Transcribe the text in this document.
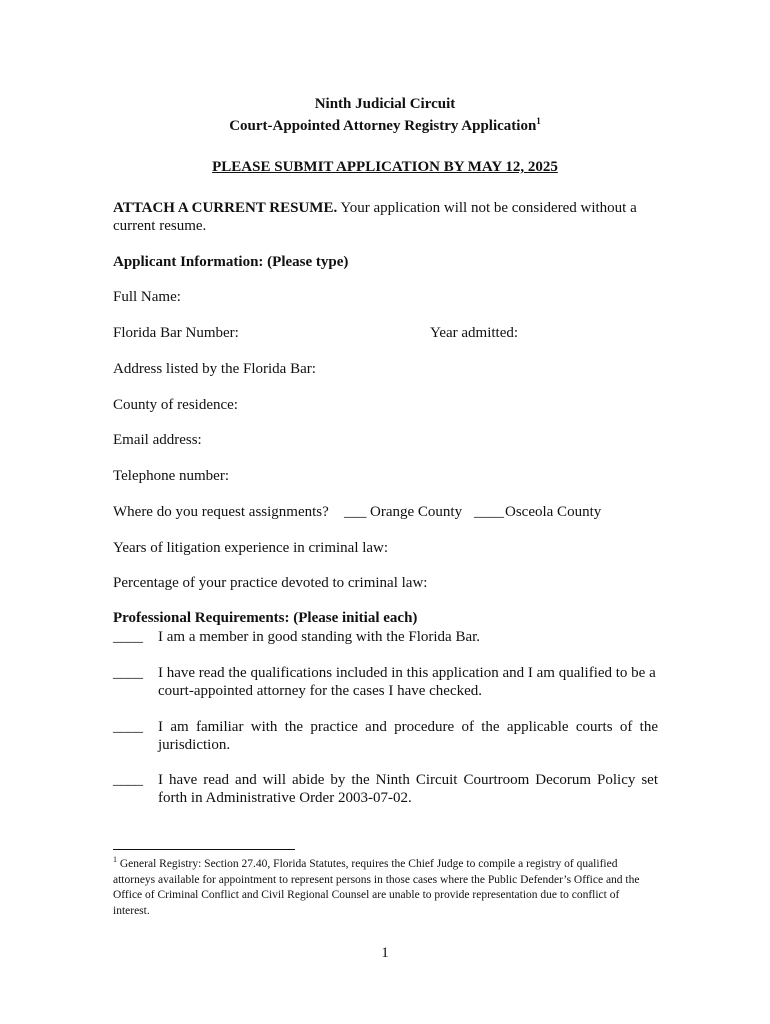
Ninth Judicial Circuit
Court-Appointed Attorney Registry Application$^1$
PLEASE SUBMIT APPLICATION BY MAY 12, 2025
ATTACH A CURRENT RESUME. Your application will not be considered without a current resume.
Applicant Information: (Please type)
Full Name:
Florida Bar Number:	Year admitted:
Address listed by the Florida Bar:
County of residence:
Email address:
Telephone number:
Where do you request assignments? ___ Orange County ____ Osceola County
Years of litigation experience in criminal law:
Percentage of your practice devoted to criminal law:
Professional Requirements: (Please initial each)
____ I am a member in good standing with the Florida Bar.
____ I have read the qualifications included in this application and I am qualified to be a court-appointed attorney for the cases I have checked.
____ I am familiar with the practice and procedure of the applicable courts of the jurisdiction.
____ I have read and will abide by the Ninth Circuit Courtroom Decorum Policy set forth in Administrative Order 2003-07-02.
$^1$ General Registry: Section 27.40, Florida Statutes, requires the Chief Judge to compile a registry of qualified attorneys available for appointment to represent persons in those cases where the Public Defender’s Office and the Office of Criminal Conflict and Civil Regional Counsel are unable to provide representation due to conflict of interest.
1
